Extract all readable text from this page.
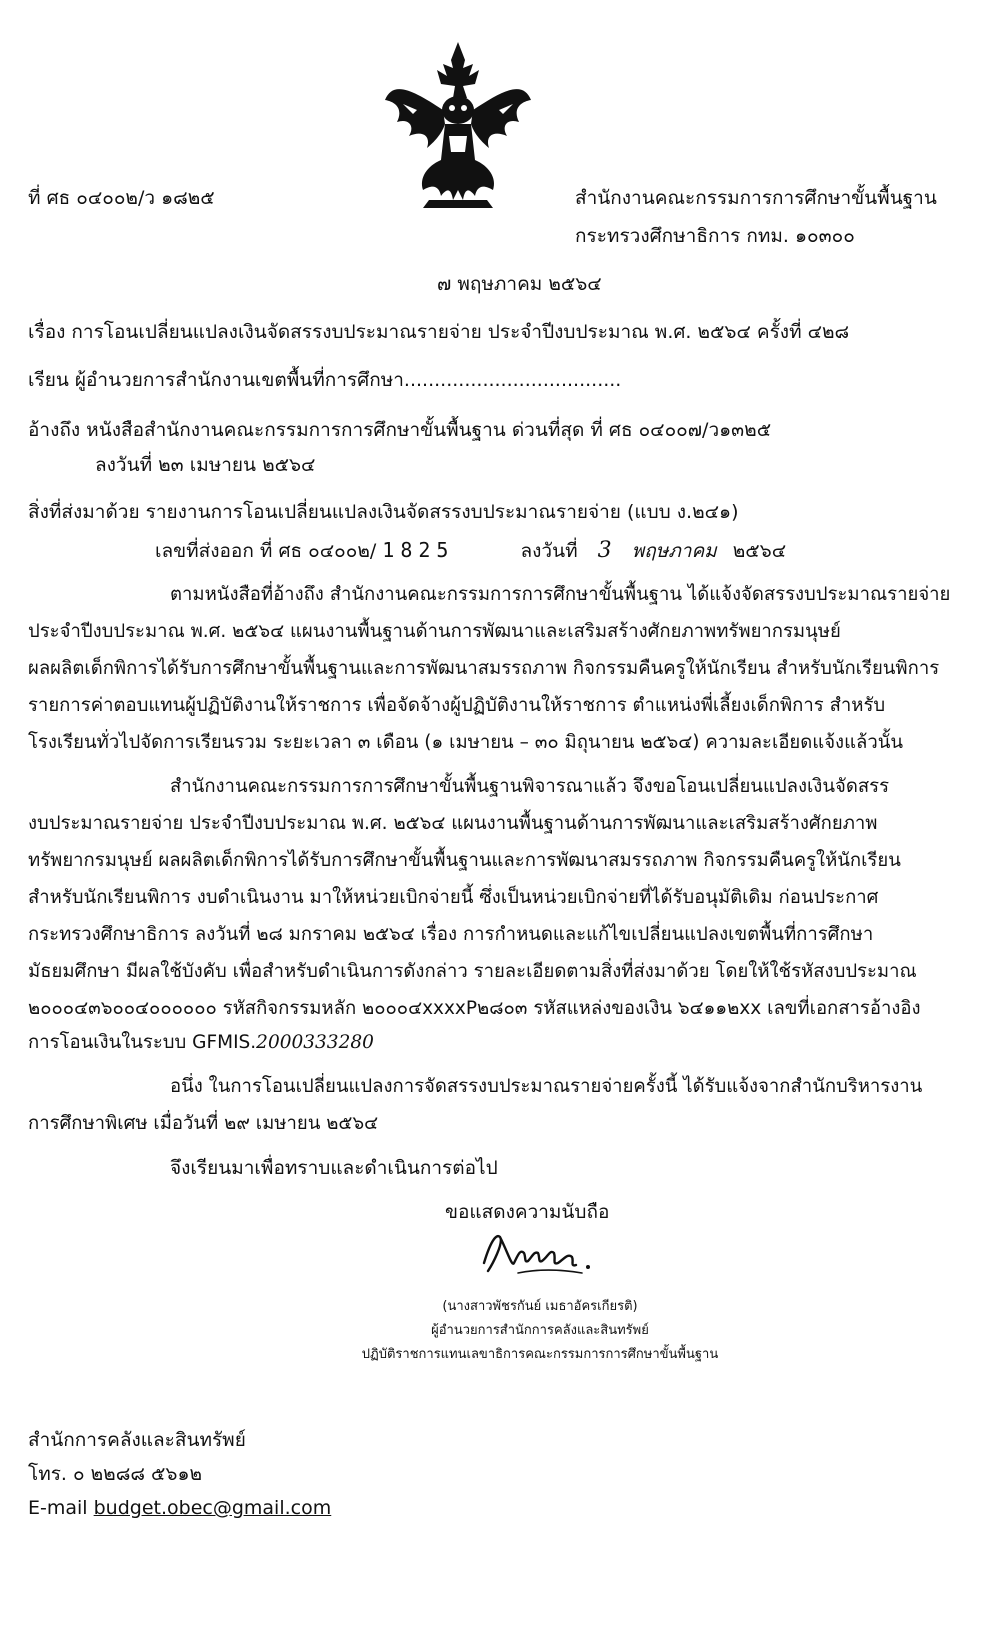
ที่ ศธ ๐๔๐๐๒/ว ๑๘๒๕	สำนักงานคณะกรรมการการศึกษาขั้นพื้นฐาน
กระทรวงศึกษาธิการ กทม. ๑๐๓๐๐
๗ พฤษภาคม ๒๕๖๔
เรื่อง การโอนเปลี่ยนแปลงเงินจัดสรรงบประมาณรายจ่าย ประจำปีงบประมาณ พ.ศ. ๒๕๖๔ ครั้งที่ ๔๒๘
เรียน ผู้อำนวยการสำนักงานเขตพื้นที่การศึกษา....................................
อ้างถึง หนังสือสำนักงานคณะกรรมการการศึกษาขั้นพื้นฐาน ด่วนที่สุด ที่ ศธ ๐๔๐๐๗/ว๑๓๒๕
ลงวันที่ ๒๓ เมษายน ๒๕๖๔
สิ่งที่ส่งมาด้วย รายงานการโอนเปลี่ยนแปลงเงินจัดสรรงบประมาณรายจ่าย (แบบ ง.๒๔๑)
เลขที่ส่งออก ที่ ศธ ๐๔๐๐๒/ 1825	ลงวันที่ 3 พฤษภาคม ๒๕๖๔
ตามหนังสือที่อ้างถึง สำนักงานคณะกรรมการการศึกษาขั้นพื้นฐาน ได้แจ้งจัดสรรงบประมาณรายจ่าย
ประจำปีงบประมาณ พ.ศ. ๒๕๖๔ แผนงานพื้นฐานด้านการพัฒนาและเสริมสร้างศักยภาพทรัพยากรมนุษย์
ผลผลิตเด็กพิการได้รับการศึกษาขั้นพื้นฐานและการพัฒนาสมรรถภาพ กิจกรรมคืนครูให้นักเรียน สำหรับนักเรียนพิการ
รายการค่าตอบแทนผู้ปฏิบัติงานให้ราชการ เพื่อจัดจ้างผู้ปฏิบัติงานให้ราชการ ตำแหน่งพี่เลี้ยงเด็กพิการ สำหรับ
โรงเรียนทั่วไปจัดการเรียนรวม ระยะเวลา ๓ เดือน (๑ เมษายน – ๓๐ มิถุนายน ๒๕๖๔) ความละเอียดแจ้งแล้วนั้น
สำนักงานคณะกรรมการการศึกษาขั้นพื้นฐานพิจารณาแล้ว จึงขอโอนเปลี่ยนแปลงเงินจัดสรร
งบประมาณรายจ่าย ประจำปีงบประมาณ พ.ศ. ๒๕๖๔ แผนงานพื้นฐานด้านการพัฒนาและเสริมสร้างศักยภาพ
ทรัพยากรมนุษย์ ผลผลิตเด็กพิการได้รับการศึกษาขั้นพื้นฐานและการพัฒนาสมรรถภาพ กิจกรรมคืนครูให้นักเรียน
สำหรับนักเรียนพิการ งบดำเนินงาน มาให้หน่วยเบิกจ่ายนี้ ซึ่งเป็นหน่วยเบิกจ่ายที่ได้รับอนุมัติเดิม ก่อนประกาศ
กระทรวงศึกษาธิการ ลงวันที่ ๒๘ มกราคม ๒๕๖๔ เรื่อง การกำหนดและแก้ไขเปลี่ยนแปลงเขตพื้นที่การศึกษา
มัธยมศึกษา มีผลใช้บังคับ เพื่อสำหรับดำเนินการดังกล่าว รายละเอียดตามสิ่งที่ส่งมาด้วย โดยให้ใช้รหัสงบประมาณ
๒๐๐๐๔๓๖๐๐๔๐๐๐๐๐๐ รหัสกิจกรรมหลัก ๒๐๐๐๔xxxxP๒๘๐๓ รหัสแหล่งของเงิน ๖๔๑๑๒xx เลขที่เอกสารอ้างอิง
การโอนเงินในระบบ GFMIS.2000333280
อนึ่ง ในการโอนเปลี่ยนแปลงการจัดสรรงบประมาณรายจ่ายครั้งนี้ ได้รับแจ้งจากสำนักบริหารงาน
การศึกษาพิเศษ เมื่อวันที่ ๒๙ เมษายน ๒๕๖๔
จึงเรียนมาเพื่อทราบและดำเนินการต่อไป
ขอแสดงความนับถือ
(นางสาวพัชรกันย์ เมธาอัครเกียรติ)
ผู้อำนวยการสำนักการคลังและสินทรัพย์
ปฏิบัติราชการแทนเลขาธิการคณะกรรมการการศึกษาขั้นพื้นฐาน
สำนักการคลังและสินทรัพย์
โทร. ๐ ๒๒๘๘ ๕๖๑๒
E-mail budget.obec@gmail.com
